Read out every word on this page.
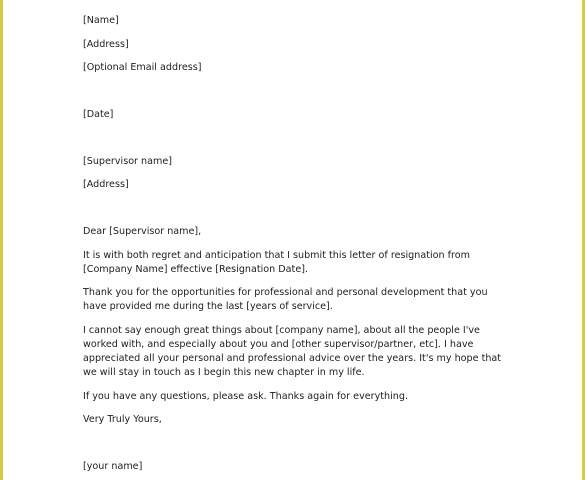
[Name]
[Address]
[Optional Email address]
[Date]
[Supervisor name]
[Address]
Dear [Supervisor name],
It is with both regret and anticipation that I submit this letter of resignation from [Company Name] effective [Resignation Date].
Thank you for the opportunities for professional and personal development that you have provided me during the last [years of service].
I cannot say enough great things about [company name], about all the people I've worked with, and especially about you and [other supervisor/partner, etc]. I have appreciated all your personal and professional advice over the years. It's my hope that we will stay in touch as I begin this new chapter in my life.
If you have any questions, please ask. Thanks again for everything.
Very Truly Yours,
[your name]
